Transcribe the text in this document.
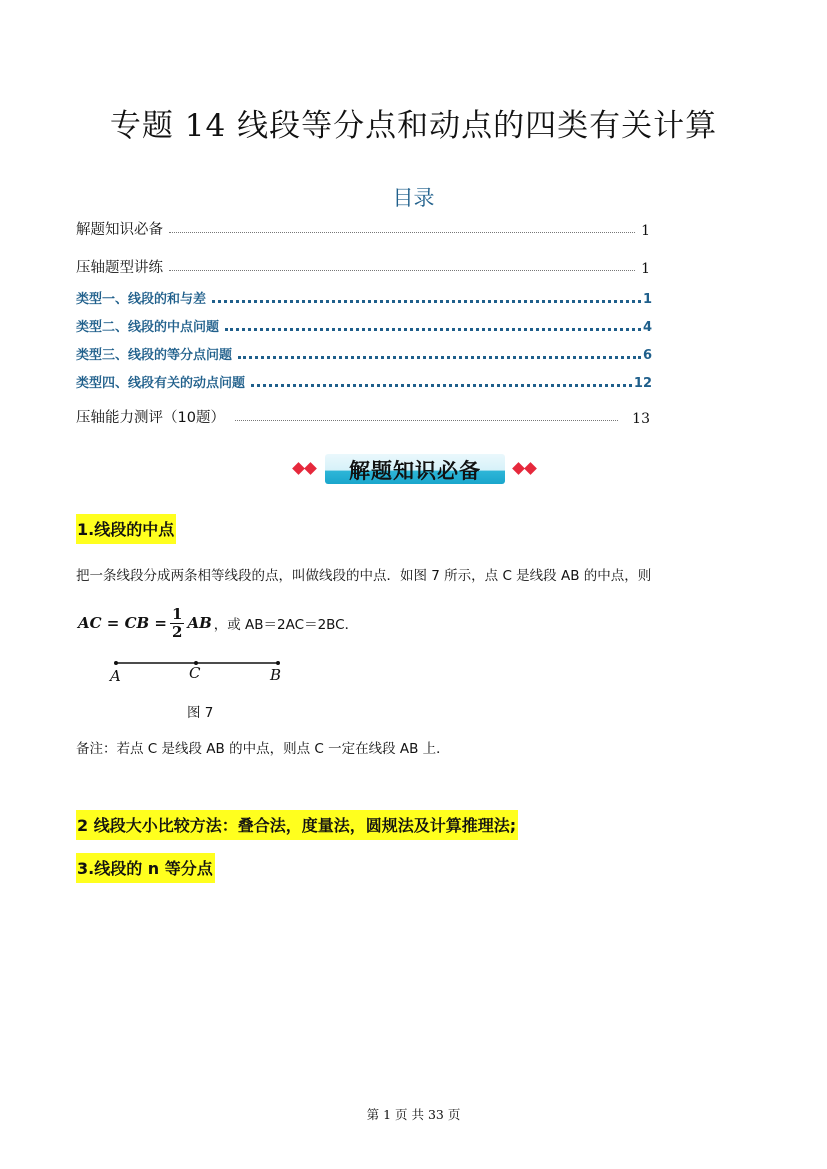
专题 14 线段等分点和动点的四类有关计算
目录
解题知识必备	1
压轴题型讲练	1
类型一、线段的和与差	1
类型二、线段的中点问题	4
类型三、线段的等分点问题	6
类型四、线段有关的动点问题	12
压轴能力测评（10题）	13
解题知识必备
1.线段的中点
把一条线段分成两条相等线段的点，叫做线段的中点．如图 7 所示，点 C 是线段 AB 的中点，则
AC = CB = $\frac{1}{2}$ AB ，或 AB＝2AC＝2BC．
A	C	B
图 7
备注：若点 C 是线段 AB 的中点，则点 C 一定在线段 AB 上．
2 线段大小比较方法：叠合法，度量法，圆规法及计算推理法;
3.线段的 n 等分点
第 1 页 共 33 页
